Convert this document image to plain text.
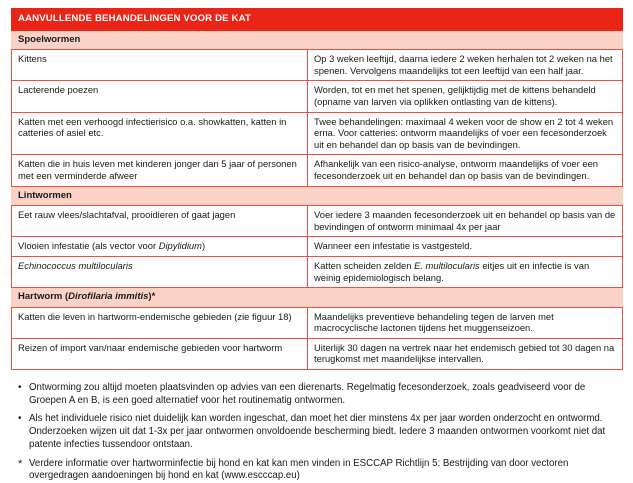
AANVULLENDE BEHANDELINGEN VOOR DE KAT	
Spoelwormen	
Kittens	Op 3 weken leeftijd, daarna iedere 2 weken herhalen tot 2 weken na het spenen. Vervolgens maandelijks tot een leeftijd van een half jaar.
Lacterende poezen	Worden, tot en met het spenen, gelijktijdig met de kittens behandeld (opname van larven via oplikken ontlasting van de kittens).
Katten met een verhoogd infectierisico o.a. showkatten, katten in catteries of asiel etc.	Twee behandelingen: maximaal 4 weken voor de show en 2 tot 4 weken erna. Voor catteries: ontworm maandelijks of voer een fecesonderzoek uit en behandel dan op basis van de bevindingen.
Katten die in huis leven met kinderen jonger dan 5 jaar of personen met een verminderde afweer	Afhankelijk van een risico-analyse, ontworm maandelijks of voer een fecesonderzoek uit en behandel dan op basis van de bevindingen.
Lintwormen	
Eet rauw vlees/slachtafval, prooidieren of gaat jagen	Voer iedere 3 maanden fecesonderzoek uit en behandel op basis van de bevindingen of ontworm minimaal 4x per jaar
Vlooien infestatie (als vector voor Dipylidium)	Wanneer een infestatie is vastgesteld.
Echinococcus multilocularis	Katten scheiden zelden E. multilocularis eitjes uit en infectie is van weinig epidemiologisch belang.
Hartworm (Dirofilaria immitis)*	
Katten die leven in hartworm-endemische gebieden (zie figuur 18)	Maandelijks preventieve behandeling tegen de larven met macrocyclische lactonen tijdens het muggenseizoen.
Reizen of import van/naar endemische gebieden voor hartworm	Uiterlijk 30 dagen na vertrek naar het endemisch gebied tot 30 dagen na terugkomst met maandelijkse intervallen.
• Ontworming zou altijd moeten plaatsvinden op advies van een dierenarts. Regelmatig fecesonderzoek, zoals geadviseerd voor de Groepen A en B, is een goed alternatief voor het routinematig ontwormen.
• Als het individuele risico niet duidelijk kan worden ingeschat, dan moet het dier minstens 4x per jaar worden onderzocht en ontwormd. Onderzoeken wijzen uit dat 1-3x per jaar ontwormen onvoldoende bescherming biedt. Iedere 3 maanden ontwormen voorkomt niet dat patente infecties tussendoor ontstaan.
* Verdere informatie over hartworminfectie bij hond en kat kan men vinden in ESCCAP Richtlijn 5: Bestrijding van door vectoren overgedragen aandoeningen bij hond en kat (www.escccap.eu)
